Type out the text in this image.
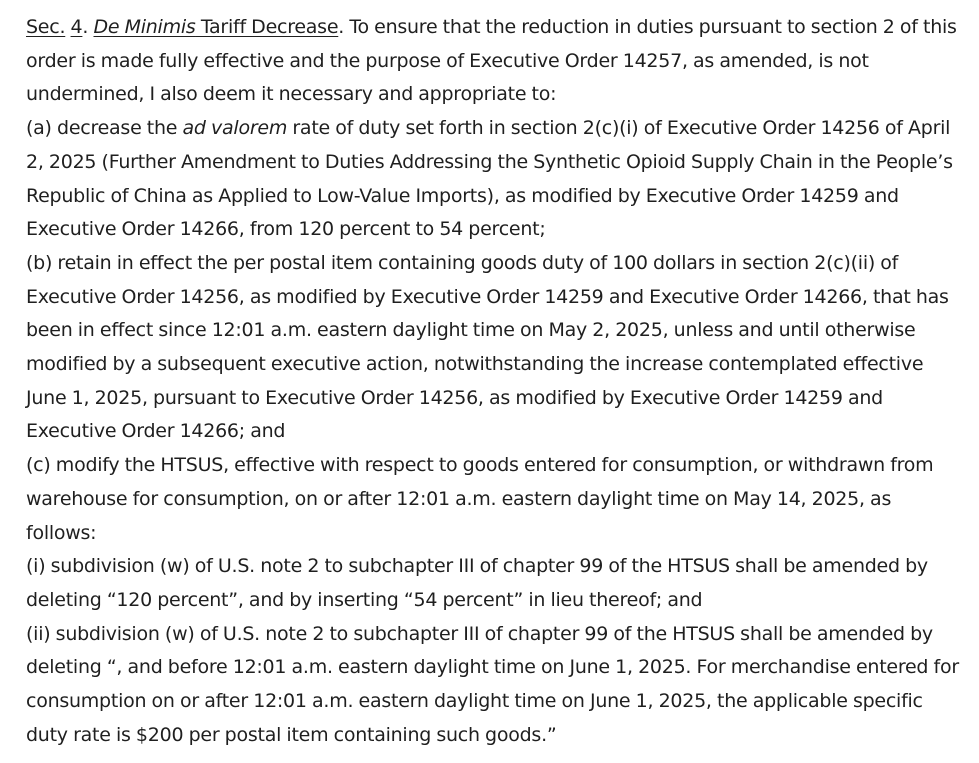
Sec. 4. De Minimis Tariff Decrease. To ensure that the reduction in duties pursuant to section 2 of this order is made fully effective and the purpose of Executive Order 14257, as amended, is not undermined, I also deem it necessary and appropriate to:

(a) decrease the ad valorem rate of duty set forth in section 2(c)(i) of Executive Order 14256 of April 2, 2025 (Further Amendment to Duties Addressing the Synthetic Opioid Supply Chain in the People’s Republic of China as Applied to Low-Value Imports), as modified by Executive Order 14259 and Executive Order 14266, from 120 percent to 54 percent;

(b) retain in effect the per postal item containing goods duty of 100 dollars in section 2(c)(ii) of Executive Order 14256, as modified by Executive Order 14259 and Executive Order 14266, that has been in effect since 12:01 a.m. eastern daylight time on May 2, 2025, unless and until otherwise modified by a subsequent executive action, notwithstanding the increase contemplated effective June 1, 2025, pursuant to Executive Order 14256, as modified by Executive Order 14259 and Executive Order 14266; and

(c) modify the HTSUS, effective with respect to goods entered for consumption, or withdrawn from warehouse for consumption, on or after 12:01 a.m. eastern daylight time on May 14, 2025, as follows:

(i) subdivision (w) of U.S. note 2 to subchapter III of chapter 99 of the HTSUS shall be amended by deleting “120 percent”, and by inserting “54 percent” in lieu thereof; and

(ii) subdivision (w) of U.S. note 2 to subchapter III of chapter 99 of the HTSUS shall be amended by deleting “, and before 12:01 a.m. eastern daylight time on June 1, 2025. For merchandise entered for consumption on or after 12:01 a.m. eastern daylight time on June 1, 2025, the applicable specific duty rate is $200 per postal item containing such goods.”
